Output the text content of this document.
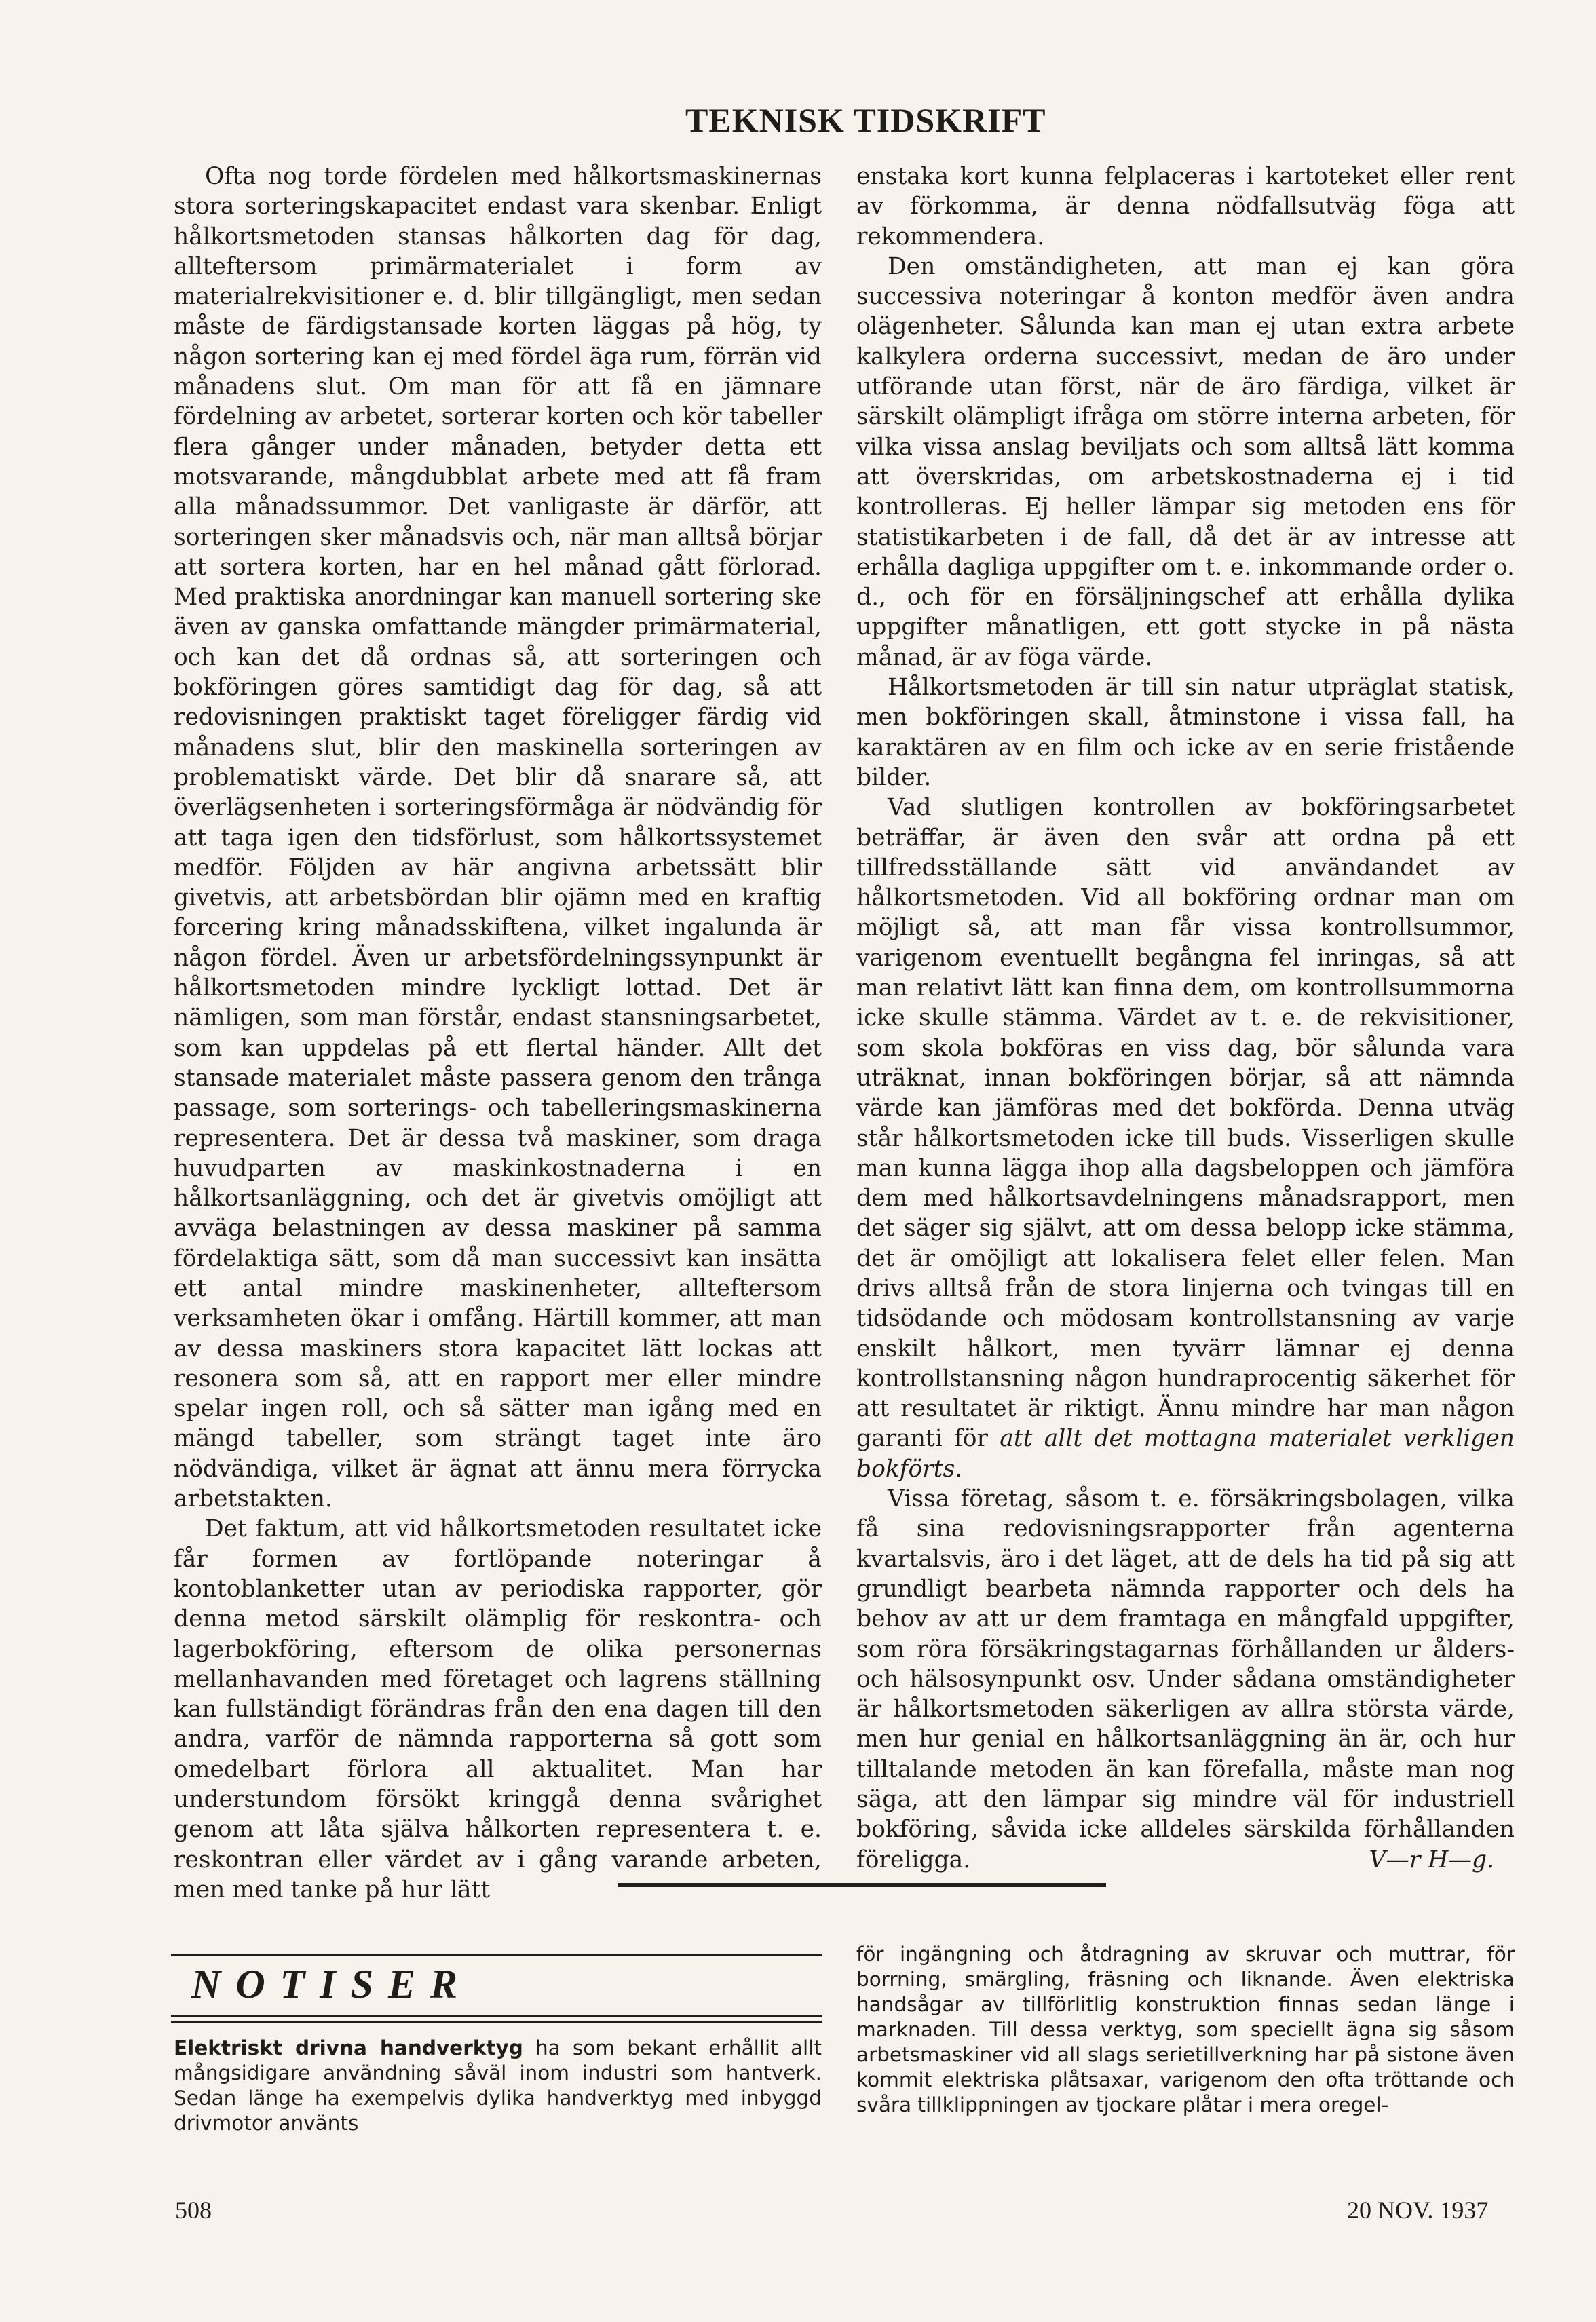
TEKNISK TIDSKRIFT

Ofta nog torde fördelen med hålkortsmaskinernas stora sorteringskapacitet endast vara skenbar. Enligt hålkortsmetoden stansas hålkorten dag för dag, allteftersom primärmaterialet i form av materialrekvisitioner e. d. blir tillgängligt, men sedan måste de färdigstansade korten läggas på hög, ty någon sortering kan ej med fördel äga rum, förrän vid månadens slut. Om man för att få en jämnare fördelning av arbetet, sorterar korten och kör tabeller flera gånger under månaden, betyder detta ett motsvarande, mångdubblat arbete med att få fram alla månadssummor. Det vanligaste är därför, att sorteringen sker månadsvis och, när man alltså börjar att sortera korten, har en hel månad gått förlorad. Med praktiska anordningar kan manuell sortering ske även av ganska omfattande mängder primärmaterial, och kan det då ordnas så, att sorteringen och bokföringen göres samtidigt dag för dag, så att redovisningen praktiskt taget föreligger färdig vid månadens slut, blir den maskinella sorteringen av problematiskt värde. Det blir då snarare så, att överlägsenheten i sorteringsförmåga är nödvändig för att taga igen den tidsförlust, som hålkortssystemet medför. Följden av här angivna arbetssätt blir givetvis, att arbetsbördan blir ojämn med en kraftig forcering kring månadsskiftena, vilket ingalunda är någon fördel. Även ur arbetsfördelningssynpunkt är hålkortsmetoden mindre lyckligt lottad. Det är nämligen, som man förstår, endast stansningsarbetet, som kan uppdelas på ett flertal händer. Allt det stansade materialet måste passera genom den trånga passage, som sorterings- och tabelleringsmaskinerna representera. Det är dessa två maskiner, som draga huvudparten av maskinkostnaderna i en hålkortsanläggning, och det är givetvis omöjligt att avväga belastningen av dessa maskiner på samma fördelaktiga sätt, som då man successivt kan insätta ett antal mindre maskinenheter, allteftersom verksamheten ökar i omfång. Härtill kommer, att man av dessa maskiners stora kapacitet lätt lockas att resonera som så, att en rapport mer eller mindre spelar ingen roll, och så sätter man igång med en mängd tabeller, som strängt taget inte äro nödvändiga, vilket är ägnat att ännu mera förrycka arbetstakten.

Det faktum, att vid hålkortsmetoden resultatet icke får formen av fortlöpande noteringar å kontoblanketter utan av periodiska rapporter, gör denna metod särskilt olämplig för reskontra- och lagerbokföring, eftersom de olika personernas mellanhavanden med företaget och lagrens ställning kan fullständigt förändras från den ena dagen till den andra, varför de nämnda rapporterna så gott som omedelbart förlora all aktualitet. Man har understundom försökt kringgå denna svårighet genom att låta själva hålkorten representera t. e. reskontran eller värdet av i gång varande arbeten, men med tanke på hur lätt

enstaka kort kunna felplaceras i kartoteket eller rent av förkomma, är denna nödfallsutväg föga att rekommendera.

Den omständigheten, att man ej kan göra successiva noteringar å konton medför även andra olägenheter. Sålunda kan man ej utan extra arbete kalkylera orderna successivt, medan de äro under utförande utan först, när de äro färdiga, vilket är särskilt olämpligt ifråga om större interna arbeten, för vilka vissa anslag beviljats och som alltså lätt komma att överskridas, om arbetskostnaderna ej i tid kontrolleras. Ej heller lämpar sig metoden ens för statistikarbeten i de fall, då det är av intresse att erhålla dagliga uppgifter om t. e. inkommande order o. d., och för en försäljningschef att erhålla dylika uppgifter månatligen, ett gott stycke in på nästa månad, är av föga värde.

Hålkortsmetoden är till sin natur utpräglat statisk, men bokföringen skall, åtminstone i vissa fall, ha karaktären av en film och icke av en serie fristående bilder.

Vad slutligen kontrollen av bokföringsarbetet beträffar, är även den svår att ordna på ett tillfredsställande sätt vid användandet av hålkortsmetoden. Vid all bokföring ordnar man om möjligt så, att man får vissa kontrollsummor, varigenom eventuellt begångna fel inringas, så att man relativt lätt kan finna dem, om kontrollsummorna icke skulle stämma. Värdet av t. e. de rekvisitioner, som skola bokföras en viss dag, bör sålunda vara uträknat, innan bokföringen börjar, så att nämnda värde kan jämföras med det bokförda. Denna utväg står hålkortsmetoden icke till buds. Visserligen skulle man kunna lägga ihop alla dagsbeloppen och jämföra dem med hålkortsavdelningens månadsrapport, men det säger sig självt, att om dessa belopp icke stämma, det är omöjligt att lokalisera felet eller felen. Man drivs alltså från de stora linjerna och tvingas till en tidsödande och mödosam kontrollstansning av varje enskilt hålkort, men tyvärr lämnar ej denna kontrollstansning någon hundraprocentig säkerhet för att resultatet är riktigt. Ännu mindre har man någon garanti för att allt det mottagna materialet verkligen bokförts.

Vissa företag, såsom t. e. försäkringsbolagen, vilka få sina redovisningsrapporter från agenterna kvartalsvis, äro i det läget, att de dels ha tid på sig att grundligt bearbeta nämnda rapporter och dels ha behov av att ur dem framtaga en mångfald uppgifter, som röra försäkringstagarnas förhållanden ur ålders- och hälsosynpunkt osv. Under sådana omständigheter är hålkortsmetoden säkerligen av allra största värde, men hur genial en hålkortsanläggning än är, och hur tilltalande metoden än kan förefalla, måste man nog säga, att den lämpar sig mindre väl för industriell bokföring, såvida icke alldeles särskilda förhållanden föreligga.	V—r H—g.

NOTISER

Elektriskt drivna handverktyg ha som bekant erhållit allt mångsidigare användning såväl inom industri som hantverk. Sedan länge ha exempelvis dylika handverktyg med inbyggd drivmotor använts

för ingängning och åtdragning av skruvar och muttrar, för borrning, smärgling, fräsning och liknande. Även elektriska handsågar av tillförlitlig konstruktion finnas sedan länge i marknaden. Till dessa verktyg, som speciellt ägna sig såsom arbetsmaskiner vid all slags serietillverkning har på sistone även kommit elektriska plåtsaxar, varigenom den ofta tröttande och svåra tillklippningen av tjockare plåtar i mera oregel-

508	20 NOV. 1937
